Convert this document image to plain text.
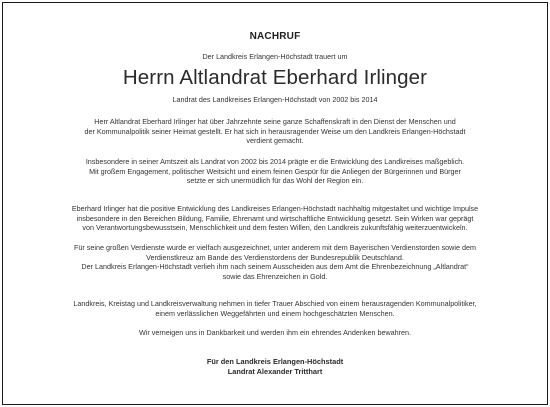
NACHRUF
Der Landkreis Erlangen-Höchstadt trauert um
Herrn Altlandrat Eberhard Irlinger
Landrat des Landkreises Erlangen-Höchstadt von 2002 bis 2014
Herr Altlandrat Eberhard Irlinger hat über Jahrzehnte seine ganze Schaffenskraft in den Dienst der Menschen und
der Kommunalpolitik seiner Heimat gestellt. Er hat sich in herausragender Weise um den Landkreis Erlangen-Höchstadt
verdient gemacht.
Insbesondere in seiner Amtszeit als Landrat von 2002 bis 2014 prägte er die Entwicklung des Landkreises maßgeblich.
Mit großem Engagement, politischer Weitsicht und einem feinen Gespür für die Anliegen der Bürgerinnen und Bürger
setzte er sich unermüdlich für das Wohl der Region ein.
Eberhard Irlinger hat die positive Entwicklung des Landkreises Erlangen-Höchstadt nachhaltig mitgestaltet und wichtige Impulse
insbesondere in den Bereichen Bildung, Familie, Ehrenamt und wirtschaftliche Entwicklung gesetzt. Sein Wirken war geprägt
von Verantwortungsbewusstsein, Menschlichkeit und dem festen Willen, den Landkreis zukunftsfähig weiterzuentwickeln.
Für seine großen Verdienste wurde er vielfach ausgezeichnet, unter anderem mit dem Bayerischen Verdienstorden sowie dem
Verdienstkreuz am Bande des Verdienstordens der Bundesrepublik Deutschland.
Der Landkreis Erlangen-Höchstadt verlieh ihm nach seinem Ausscheiden aus dem Amt die Ehrenbezeichnung „Altlandrat“
sowie das Ehrenzeichen in Gold.
Landkreis, Kreistag und Landkreisverwaltung nehmen in tiefer Trauer Abschied von einem herausragenden Kommunalpolitiker,
einem verlässlichen Weggefährten und einem hochgeschätzten Menschen.
Wir verneigen uns in Dankbarkeit und werden ihm ein ehrendes Andenken bewahren.
Für den Landkreis Erlangen-Höchstadt
Landrat Alexander Tritthart
